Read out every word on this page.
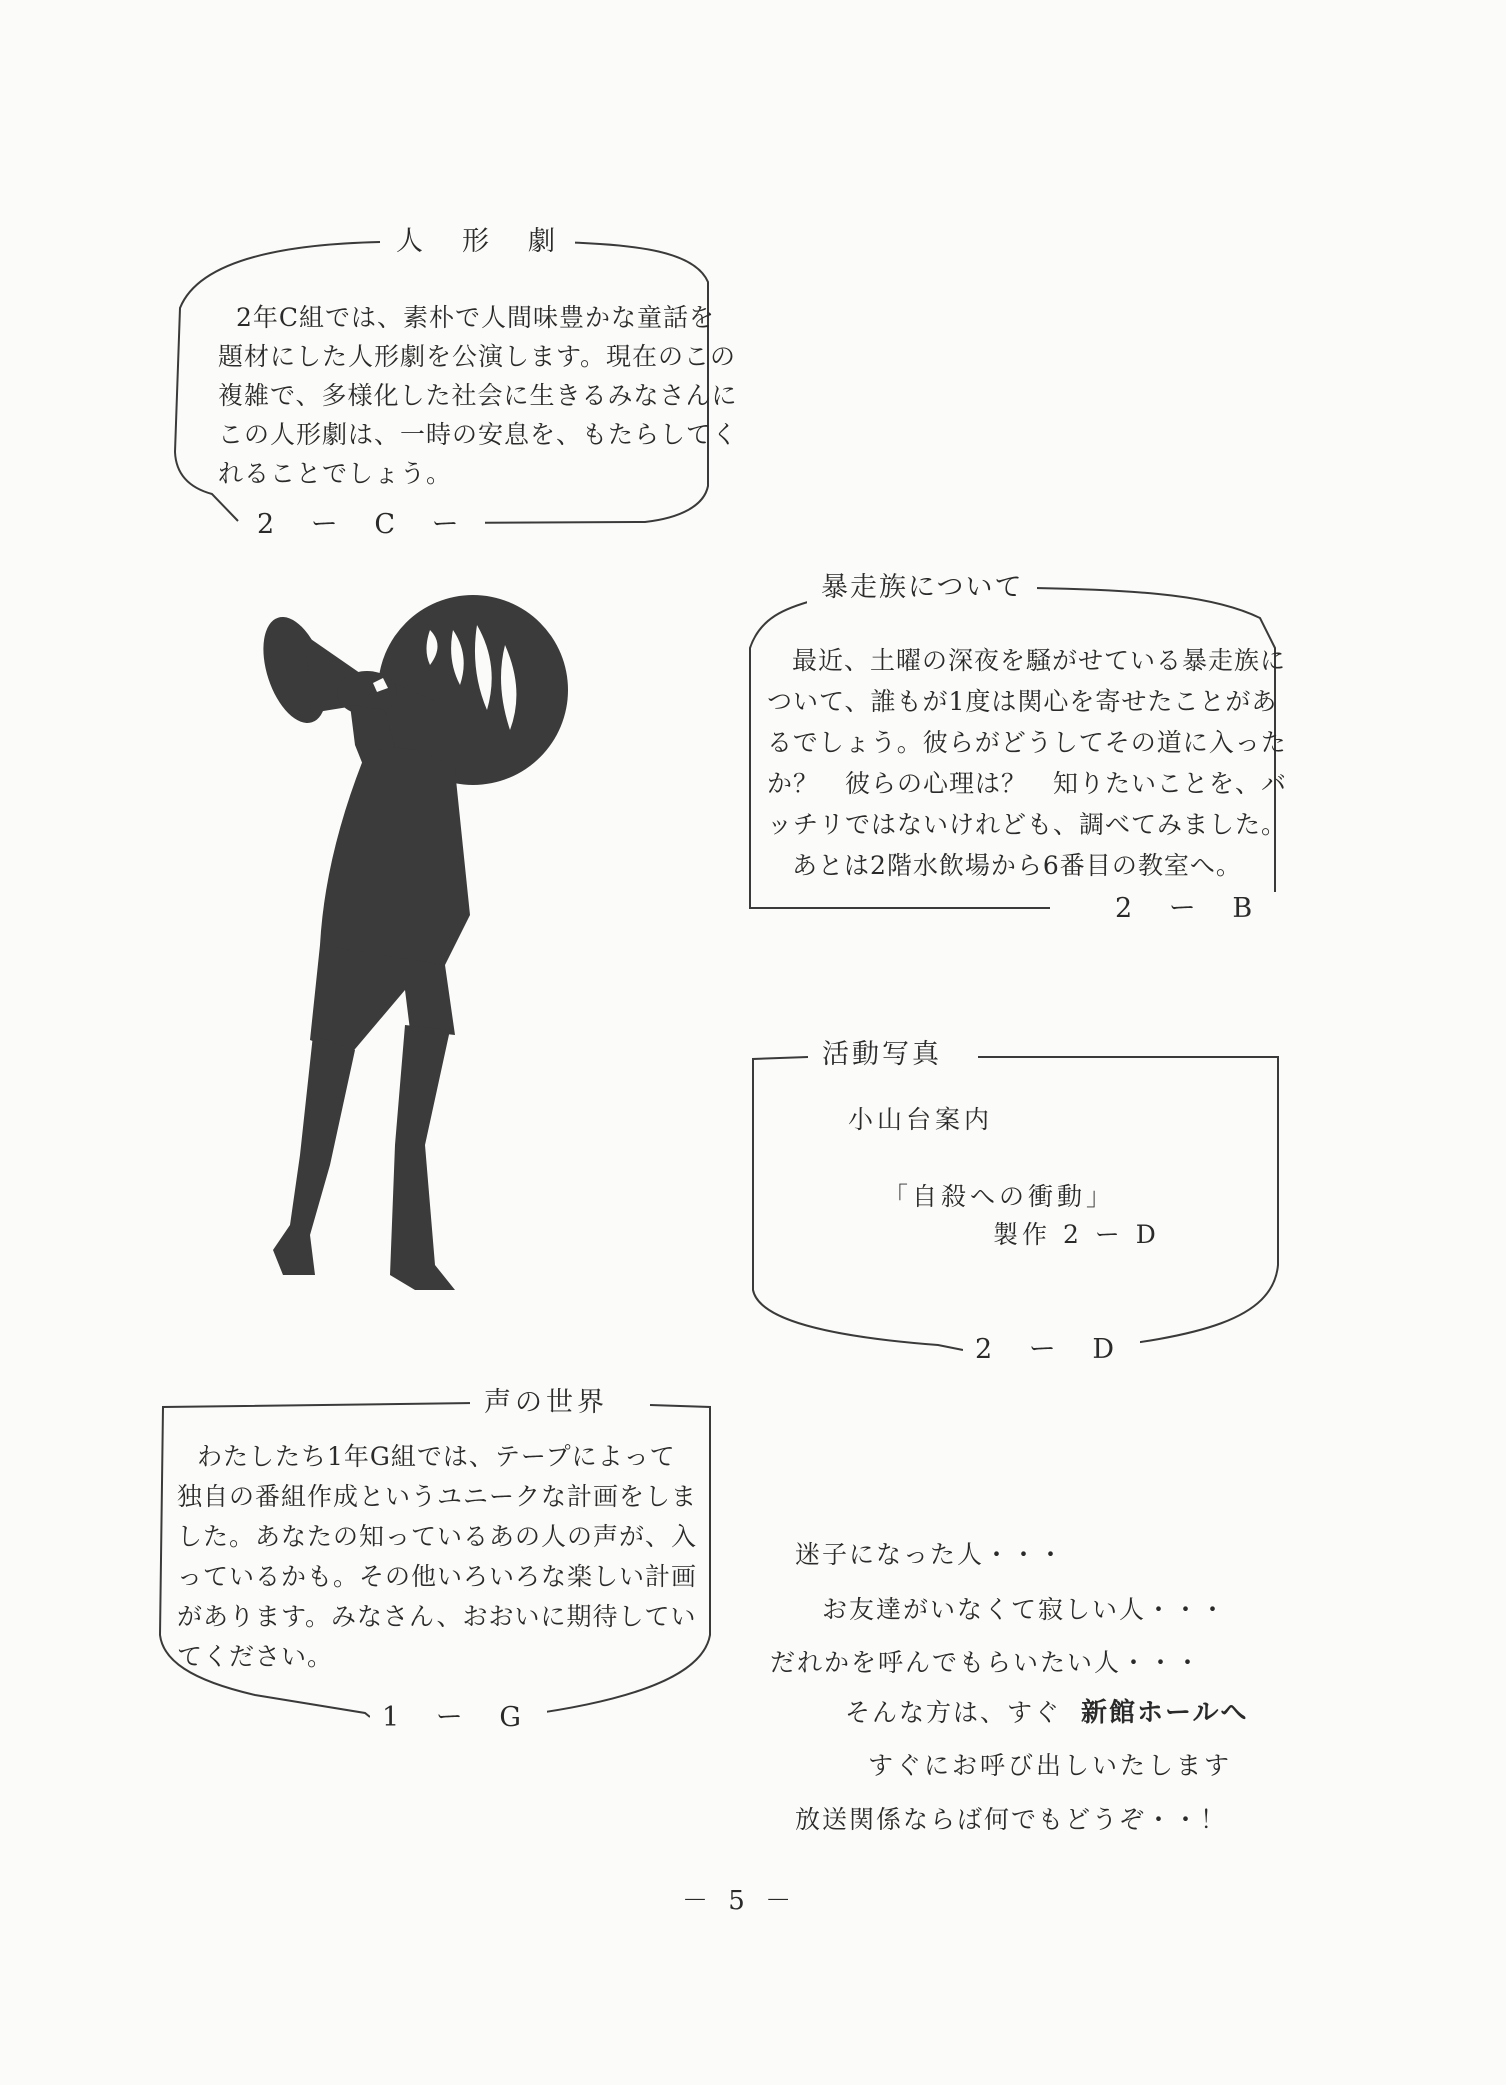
人　形　劇
2 ー C ー

2年C組では、素朴で人間味豊かな童話を

題材にした人形劇を公演します。現在のこの

複雑で、多様化した社会に生きるみなさんに

この人形劇は、一時の安息を、もたらしてく

れることでしょう。

暴走族について
2 ー B

最近、土曜の深夜を騒がせている暴走族に

ついて、誰もが1度は関心を寄せたことがあ

るでしょう。彼らがどうしてその道に入った

か？　彼らの心理は？　知りたいことを、バ

ッチリではないけれども、調べてみました。

あとは2階水飲場から6番目の教室へ。

活動写真
小山台案内
「自殺への衝動」
製作 2 ー D
2 ー D
声の世界
1 ー G

わたしたち1年G組では、テープによって

独自の番組作成というユニークな計画をしま

した。あなたの知っているあの人の声が、入

っているかも。その他いろいろな楽しい計画

があります。みなさん、おおいに期待してい

てください。

迷子になった人・・・
お友達がいなくて寂しい人・・・
だれかを呼んでもらいたい人・・・
そんな方は、すぐ 新館ホールへ
すぐにお呼び出しいたします
放送関係ならば何でもどうぞ・・！
－ 5 －
